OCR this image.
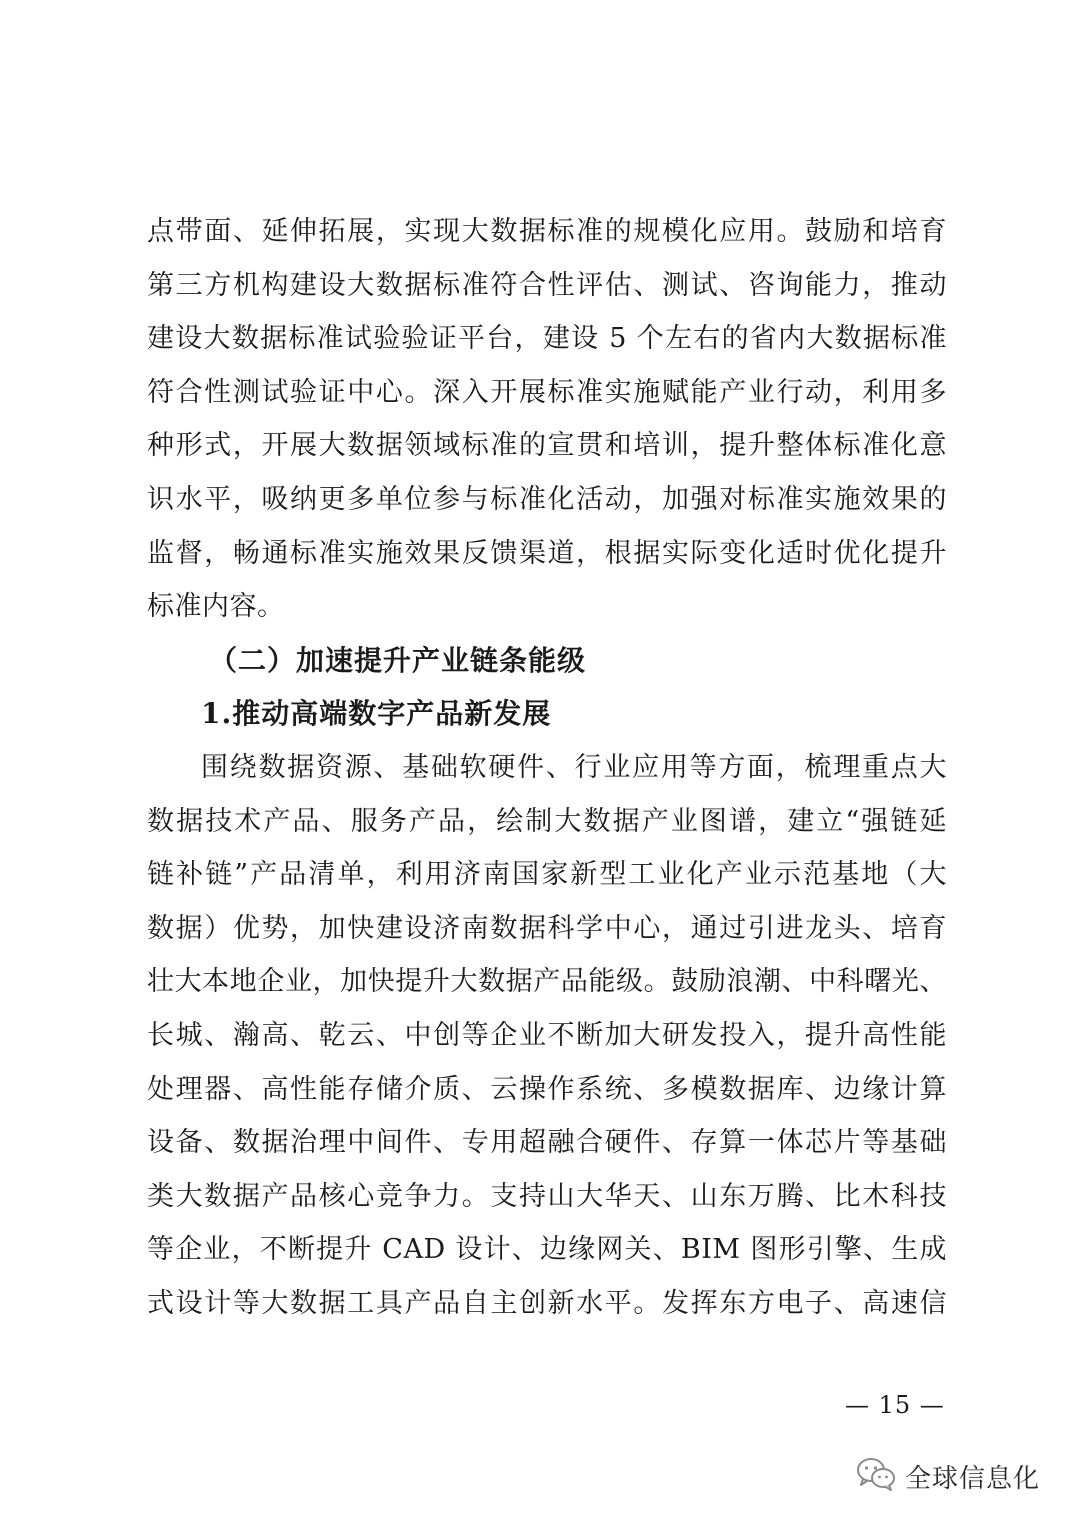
点带面、延伸拓展，实现大数据标准的规模化应用。鼓励和培育
第三方机构建设大数据标准符合性评估、测试、咨询能力，推动
建设大数据标准试验验证平台，建设 5 个左右的省内大数据标准
符合性测试验证中心。深入开展标准实施赋能产业行动，利用多
种形式，开展大数据领域标准的宣贯和培训，提升整体标准化意
识水平，吸纳更多单位参与标准化活动，加强对标准实施效果的
监督，畅通标准实施效果反馈渠道，根据实际变化适时优化提升
标准内容。
（二）加速提升产业链条能级
1.推动高端数字产品新发展
围绕数据资源、基础软硬件、行业应用等方面，梳理重点大
数据技术产品、服务产品，绘制大数据产业图谱，建立“强链延
链补链”产品清单，利用济南国家新型工业化产业示范基地（大
数据）优势，加快建设济南数据科学中心，通过引进龙头、培育
壮大本地企业，加快提升大数据产品能级。鼓励浪潮、中科曙光、
长城、瀚高、乾云、中创等企业不断加大研发投入，提升高性能
处理器、高性能存储介质、云操作系统、多模数据库、边缘计算
设备、数据治理中间件、专用超融合硬件、存算一体芯片等基础
类大数据产品核心竞争力。支持山大华天、山东万腾、比木科技
等企业，不断提升 CAD 设计、边缘网关、BIM 图形引擎、生成
式设计等大数据工具产品自主创新水平。发挥东方电子、高速信
— 15 —
全球信息化
